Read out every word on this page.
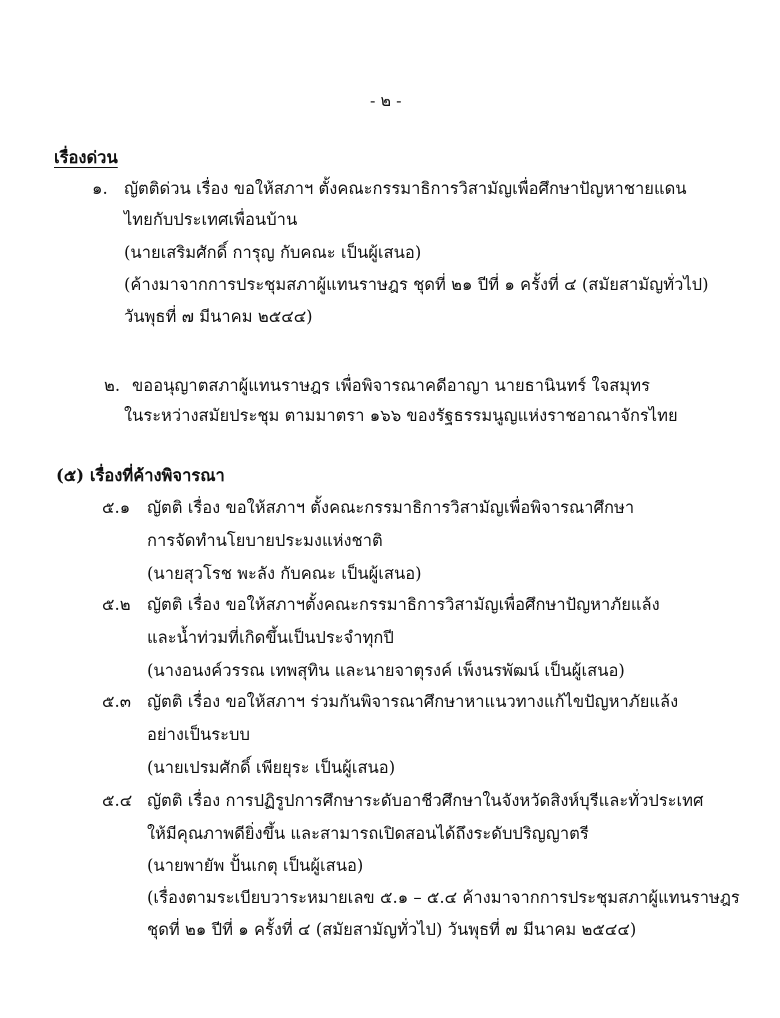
- ๒ -
เรื่องด่วน
๑. ญัตติด่วน เรื่อง ขอให้สภาฯ ตั้งคณะกรรมาธิการวิสามัญเพื่อศึกษาปัญหาชายแดน
ไทยกับประเทศเพื่อนบ้าน
(นายเสริมศักดิ์ การุญ กับคณะ เป็นผู้เสนอ)
(ค้างมาจากการประชุมสภาผู้แทนราษฎร ชุดที่ ๒๑ ปีที่ ๑ ครั้งที่ ๔ (สมัยสามัญทั่วไป)
วันพุธที่ ๗ มีนาคม ๒๕๔๔)
๒. ขออนุญาตสภาผู้แทนราษฎร เพื่อพิจารณาคดีอาญา นายธานินทร์ ใจสมุทร
ในระหว่างสมัยประชุม ตามมาตรา ๑๖๖ ของรัฐธรรมนูญแห่งราชอาณาจักรไทย
(๕) เรื่องที่ค้างพิจารณา
๕.๑ ญัตติ เรื่อง ขอให้สภาฯ ตั้งคณะกรรมาธิการวิสามัญเพื่อพิจารณาศึกษา
การจัดทำนโยบายประมงแห่งชาติ
(นายสุวโรช พะลัง กับคณะ เป็นผู้เสนอ)
๕.๒ ญัตติ เรื่อง ขอให้สภาฯตั้งคณะกรรมาธิการวิสามัญเพื่อศึกษาปัญหาภัยแล้ง
และน้ำท่วมที่เกิดขึ้นเป็นประจำทุกปี
(นางอนงค์วรรณ เทพสุทิน และนายจาตุรงค์ เพ็งนรพัฒน์ เป็นผู้เสนอ)
๕.๓ ญัตติ เรื่อง ขอให้สภาฯ ร่วมกันพิจารณาศึกษาหาแนวทางแก้ไขปัญหาภัยแล้ง
อย่างเป็นระบบ
(นายเปรมศักดิ์ เพียยุระ เป็นผู้เสนอ)
๕.๔ ญัตติ เรื่อง การปฏิรูปการศึกษาระดับอาชีวศึกษาในจังหวัดสิงห์บุรีและทั่วประเทศ
ให้มีคุณภาพดียิ่งขึ้น และสามารถเปิดสอนได้ถึงระดับปริญญาตรี
(นายพายัพ ปั้นเกตุ เป็นผู้เสนอ)
(เรื่องตามระเบียบวาระหมายเลข ๕.๑ – ๕.๔ ค้างมาจากการประชุมสภาผู้แทนราษฎร
ชุดที่ ๒๑ ปีที่ ๑ ครั้งที่ ๔ (สมัยสามัญทั่วไป) วันพุธที่ ๗ มีนาคม ๒๕๔๔)
